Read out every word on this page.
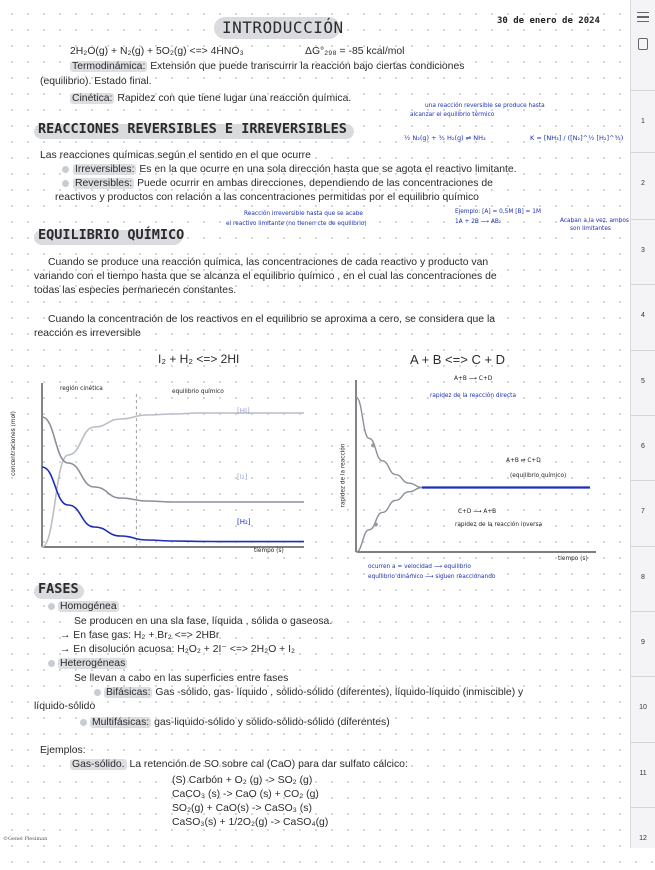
1
2
3
4
5
6
7
8
9
10
11
12
INTRODUCCIÓN	30 de enero de 2024
2H₂O(g) + N₂(g) + 5O₂(g) <=> 4HNO₃	ΔG°₂₉₈ = -85 kcal/mol
Termodinámica: Extensión que puede transcurrir la reacción bajo ciertas condiciones
(equilibrio). Estado final.
Cinética: Rapidez con que tiene lugar una reacción química.
REACCIONES REVERSIBLES E IRREVERSIBLES
una reacción reversible se produce hasta
alcanzar el equilibrio térmico
½ N₂(g) + ³⁄₂ H₂(g) ⇌ NH₃	K = [NH₃] / ([N₂]^½ [H₂]^³⁄₂)
Las reacciones químicas según el sentido en el que ocurre
Irreversibles: Es en la que ocurre en una sola dirección hasta que se agota el reactivo limitante.
Reversibles: Puede ocurrir en ambas direcciones, dependiendo de las concentraciones de
reactivos y productos con relación a las concentraciones permitidas por el equilibrio químico
Reacción irreversible hasta que se acabe
el reactivo limitante (no tienen cte de equilibrio)
Ejemplo: [A] = 0,5M [B] = 1M
1A + 2B ⟶ AB₂	Acaban a la vez, ambos
son limitantes
EQUILIBRIO QUÍMICO
Cuando se produce una reacción química, las concentraciones de cada reactivo y producto van
variando con el tiempo hasta que se alcanza el equilibrio químico , en el cual las concentraciones de
todas las especies permanecen constantes.
Cuando la concentración de los reactivos en el equilibrio se aproxima a cero, se considera que la
reacción es irreversible
I₂ + H₂ <=> 2HI
región cinética	equilibrio químico
concentraciones (mol)
tiempo (s)
[HI]
[I₂]
[H₂]
A + B <=> C + D
A+B ⟶ C+D
rapidez de la reacción directa
A+B ⇌ C+D
(equilibrio químico)
C+D ⟶ A+B
rapidez de la reacción inversa
rapidez de la reacción
tiempo (s)
ocurren a = velocidad ⟶ equilibrio
equilibrio dinámico ⟶ siguen reaccionando
FASES
Homogénea
Se producen en una sla fase, líquida , sólida o gaseosa.
→ En fase gas: H₂ + Br₂ <=> 2HBr
→ En disolución acuosa: H₂O₂ + 2I⁻ <=> 2H₂O + I₂
Heterogéneas
Se llevan a cabo en las superficies entre fases
Bifásicas: Gas -sólido, gas- líquido , sólido-sólido (diferentes), líquido-líquido (inmiscible) y
líquido-sólido
Multifásicas: gas-liquido-sólido y sólido-sólido-sólido (diferentes)
Ejemplos:
Gas-sólido. La retención de SO sobre cal (CaO) para dar sulfato cálcico:
(S) Carbón + O₂ (g) -> SO₂ (g)
CaCO₃ (s) -> CaO (s) + CO₂ (g)
SO₂(g) + CaO(s) -> CaSO₃ (s)
CaSO₃(s) + 1/2O₂(g) -> CaSO₄(g)
©Genel Plesiman
